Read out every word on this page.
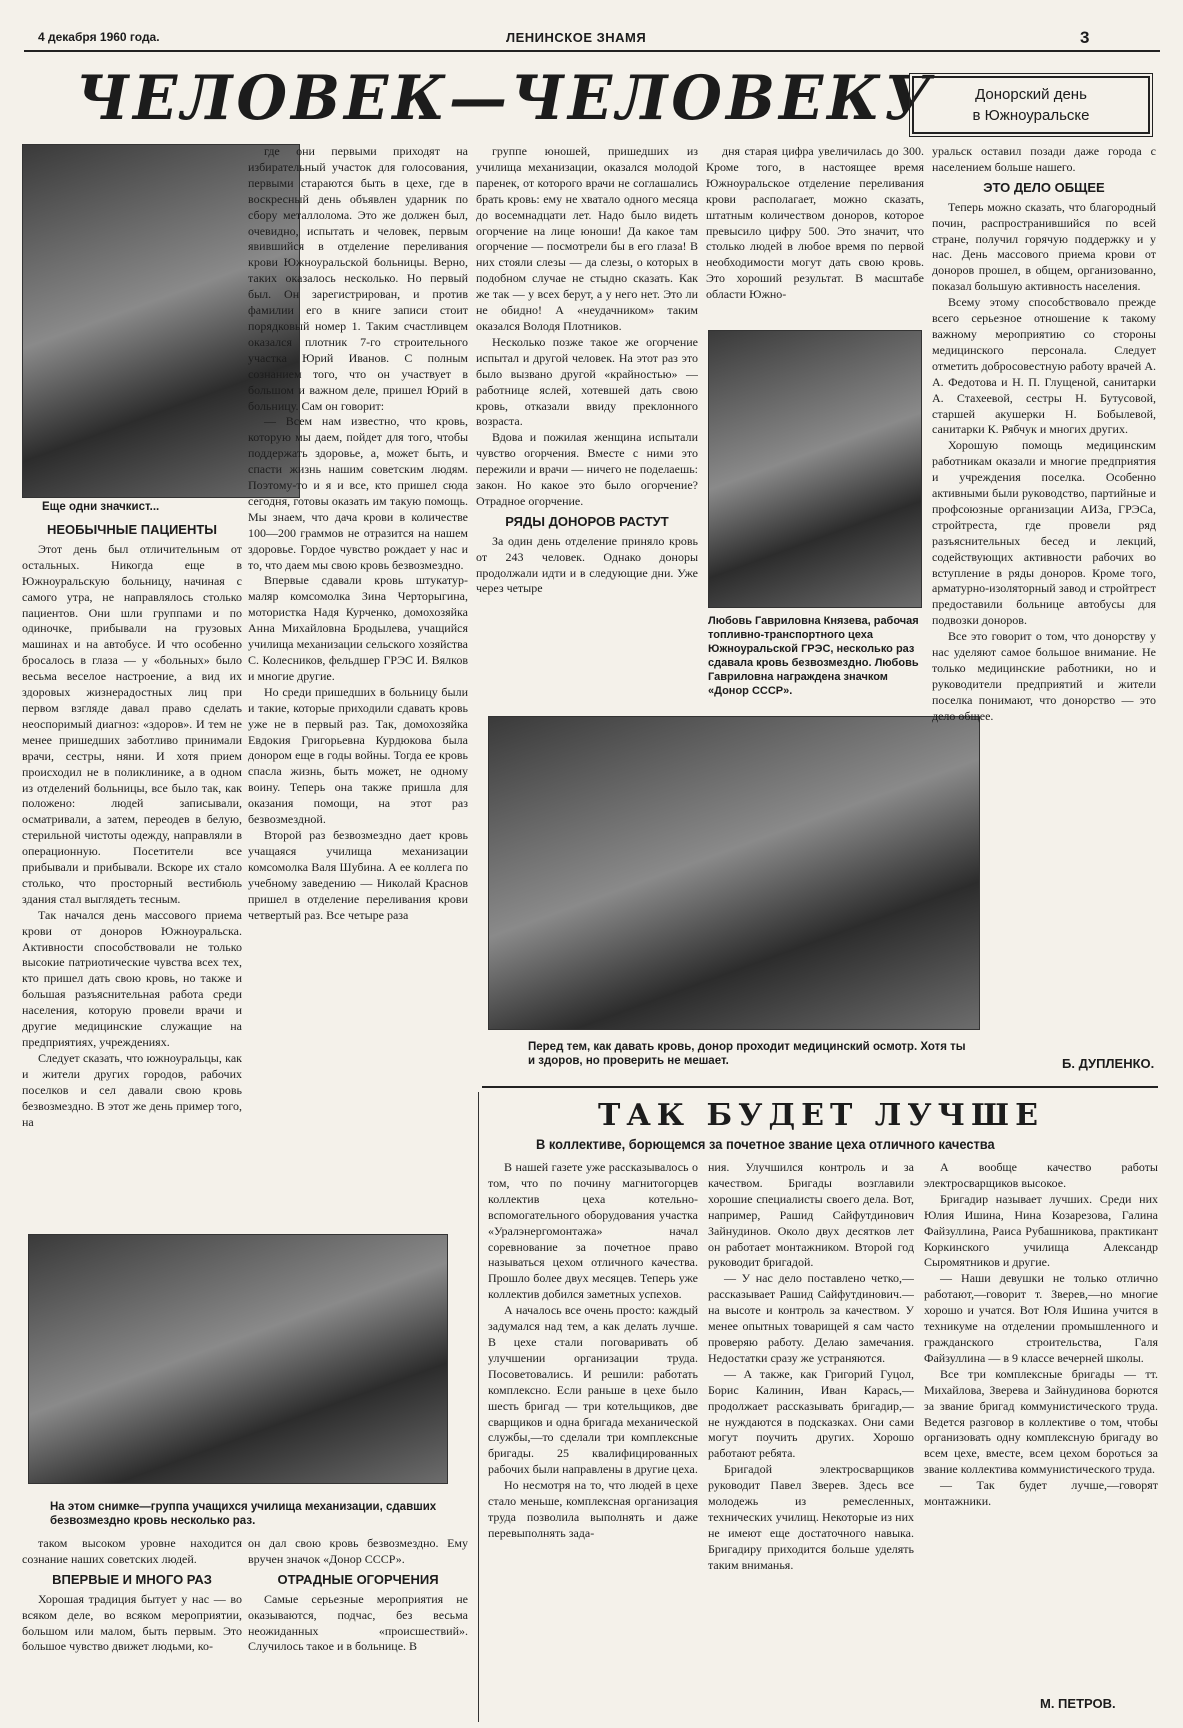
4 декабря 1960 года.	ЛЕНИНСКОЕ ЗНАМЯ	3
ЧЕЛОВЕК—ЧЕЛОВЕКУ	Донорский день
в Южноуральске
Еще одни значкист...
НЕОБЫЧНЫЕ ПАЦИЕНТЫ

Этот день был отличительным от остальных. Никогда еще в Южноуральскую больницу, начиная с самого утра, не направлялось столько пациентов. Они шли группами и по одиночке, прибывали на грузовых машинах и на автобусе. И что особенно бросалось в глаза — у «больных» было весьма веселое настроение, а вид их здоровых жизнерадостных лиц при первом взгляде давал право сделать неоспоримый диагноз: «здоров». И тем не менее пришедших заботливо принимали врачи, сестры, няни. И хотя прием происходил не в поликлинике, а в одном из отделений больницы, все было так, как положено: людей записывали, осматривали, а затем, переодев в белую, стерильной чистоты одежду, направляли в операционную. Посетители все прибывали и прибывали. Вскоре их стало столько, что просторный вестибюль здания стал выглядеть тесным.

Так начался день массового приема крови от доноров Южноуральска. Активности способствовали не только высокие патриотические чувства всех тех, кто пришел дать свою кровь, но также и большая разъяснительная работа среди населения, которую провели врачи и другие медицинские служащие на предприятиях, учреждениях.

Следует сказать, что южноуральцы, как и жители других городов, рабочих поселков и сел давали свою кровь безвозмездно. В этот же день пример того, на

где они первыми приходят на избирательный участок для голосования, первыми стараются быть в цехе, где в воскресный день объявлен ударник по сбору металлолома. Это же должен был, очевидно, испытать и человек, первым явившийся в отделение переливания крови Южноуральской больницы. Верно, таких оказалось несколько. Но первый был. Он зарегистрирован, и против фамилии его в книге записи стоит порядковый номер 1. Таким счастливцем оказался плотник 7-го строительного участка Юрий Иванов. С полным сознанием того, что он участвует в большом и важном деле, пришел Юрий в больницу. Сам он говорит:

— Всем нам известно, что кровь, которую мы даем, пойдет для того, чтобы поддержать здоровье, а, может быть, и спасти жизнь нашим советским людям. Поэтому-то и я и все, кто пришел сюда сегодня, готовы оказать им такую помощь. Мы знаем, что дача крови в количестве 100—200 граммов не отразится на нашем здоровье. Гордое чувство рождает у нас и то, что даем мы свою кровь безвозмездно.

Впервые сдавали кровь штукатур-маляр комсомолка Зина Черторыгина, мотористка Надя Курченко, домохозяйка Анна Михайловна Бродылева, учащийся училища механизации сельского хозяйства С. Колесников, фельдшер ГРЭС И. Вялков и многие другие.

Но среди пришедших в больницу были и такие, которые приходили сдавать кровь уже не в первый раз. Так, домохозяйка Евдокия Григорьевна Курдюкова была донором еще в годы войны. Тогда ее кровь спасла жизнь, быть может, не одному воину. Теперь она также пришла для оказания помощи, на этот раз безвозмездной.

Второй раз безвозмездно дает кровь учащаяся училища механизации комсомолка Валя Шубина. А ее коллега по учебному заведению — Николай Краснов пришел в отделение переливания крови четвертый раз. Все четыре раза

группе юношей, пришедших из училища механизации, оказался молодой паренек, от которого врачи не соглашались брать кровь: ему не хватало одного месяца до восемнадцати лет. Надо было видеть огорчение на лице юноши! Да какое там огорчение — посмотрели бы в его глаза! В них стояли слезы — да слезы, о которых в подобном случае не стыдно сказать. Как же так — у всех берут, а у него нет. Это ли не обидно! А «неудачником» таким оказался Володя Плотников.

Несколько позже такое же огорчение испытал и другой человек. На этот раз это было вызвано другой «крайностью» — работнице яслей, хотевшей дать свою кровь, отказали ввиду преклонного возраста.

Вдова и пожилая женщина испытали чувство огорчения. Вместе с ними это пережили и врачи — ничего не поделаешь: закон. Но какое это было огорчение? Отрадное огорчение.

РЯДЫ ДОНОРОВ РАСТУТ

За один день отделение приняло кровь от 243 человек. Однако доноры продолжали идти и в следующие дни. Уже через четыре

дня старая цифра увеличилась до 300. Кроме того, в настоящее время Южноуральское отделение переливания крови располагает, можно сказать, штатным количеством доноров, которое превысило цифру 500. Это значит, что столько людей в любое время по первой необходимости могут дать свою кровь. Это хороший результат. В масштабе области Южно-

Любовь Гавриловна Князева, рабочая топливно-транспортного цеха Южноуральской ГРЭС, несколько раз сдавала кровь безвозмездно. Любовь Гавриловна награждена значком «Донор СССР».
Перед тем, как давать кровь, донор проходит медицинский осмотр. Хотя ты и здоров, но проверить не мешает.

уральск оставил позади даже города с населением больше нашего.

ЭТО ДЕЛО ОБЩЕЕ

Теперь можно сказать, что благородный почин, распространившийся по всей стране, получил горячую поддержку и у нас. День массового приема крови от доноров прошел, в общем, организованно, показал большую активность населения.

Всему этому способствовало прежде всего серьезное отношение к такому важному мероприятию со стороны медицинского персонала. Следует отметить добросовестную работу врачей А. А. Федотова и Н. П. Глущеной, санитарки А. Стахеевой, сестры Н. Бутусовой, старшей акушерки Н. Бобылевой, санитарки К. Рябчук и многих других.

Хорошую помощь медицинским работникам оказали и многие предприятия и учреждения поселка. Особенно активными были руководство, партийные и профсоюзные организации АИЗа, ГРЭСа, стройтреста, где провели ряд разъяснительных бесед и лекций, содействующих активности рабочих во вступление в ряды доноров. Кроме того, арматурно-изоляторный завод и стройтрест предоставили больнице автобусы для подвозки доноров.

Все это говорит о том, что донорству у нас уделяют самое большое внимание. Не только медицинские работники, но и руководители предприятий и жители поселка понимают, что донорство — это дело общее.

Б. ДУПЛЕНКО.
На этом снимке—группа учащихся училища механизации, сдавших безвозмездно кровь несколько раз.

таком высоком уровне находится сознание наших советских людей.

ВПЕРВЫЕ И МНОГО РАЗ

Хорошая традиция бытует у нас — во всяком деле, во всяком мероприятии, большом или малом, быть первым. Это большое чувство движет людьми, ко-

он дал свою кровь безвозмездно. Ему вручен значок «Донор СССР».

ОТРАДНЫЕ ОГОРЧЕНИЯ

Самые серьезные мероприятия не оказываются, подчас, без весьма неожиданных «происшествий». Случилось такое и в больнице. В

ТАК БУДЕТ ЛУЧШЕ
В коллективе, борющемся за почетное звание цеха отличного качества

В нашей газете уже рассказывалось о том, что по почину магнитогорцев коллектив цеха котельно-вспомогательного оборудования участка «Уралэнергомонтажа» начал соревнование за почетное право называться цехом отличного качества. Прошло более двух месяцев. Теперь уже коллектив добился заметных успехов.

А началось все очень просто: каждый задумался над тем, а как делать лучше. В цехе стали поговаривать об улучшении организации труда. Посоветовались. И решили: работать комплексно. Если раньше в цехе было шесть бригад — три котельщиков, две сварщиков и одна бригада механической службы,—то сделали три комплексные бригады. 25 квалифицированных рабочих были направлены в другие цеха.

Но несмотря на то, что людей в цехе стало меньше, комплексная организация труда позволила выполнять и даже перевыполнять зада-

ния. Улучшился контроль и за качеством. Бригады возглавили хорошие специалисты своего дела. Вот, например, Рашид Сайфутдинович Зайнудинов. Около двух десятков лет он работает монтажником. Второй год руководит бригадой.

— У нас дело поставлено четко,—рассказывает Рашид Сайфутдинович.—на высоте и контроль за качеством. У менее опытных товарищей я сам часто проверяю работу. Делаю замечания. Недостатки сразу же устраняются.

— А также, как Григорий Гуцол, Борис Калинин, Иван Карась,— продолжает рассказывать бригадир,—не нуждаются в подсказках. Они сами могут поучить других. Хорошо работают ребята.

Бригадой электросварщиков руководит Павел Зверев. Здесь все молодежь из ремесленных, технических училищ. Некоторые из них не имеют еще достаточного навыка. Бригадиру приходится больше уделять таким вниманья.

А вообще качество работы электросварщиков высокое.

Бригадир называет лучших. Среди них Юлия Ишина, Нина Козарезова, Галина Файзуллина, Раиса Рубашникова, практикант Коркинского училища Александр Сыромятников и другие.

— Наши девушки не только отлично работают,—говорит т. Зверев,—но многие хорошо и учатся. Вот Юля Ишина учится в техникуме на отделении промышленного и гражданского строительства, Галя Файзуллина — в 9 классе вечерней школы.

Все три комплексные бригады — тт. Михайлова, Зверева и Зайнудинова борются за звание бригад коммунистического труда. Ведется разговор в коллективе о том, чтобы организовать одну комплексную бригаду во всем цехе, вместе, всем цехом бороться за звание коллектива коммунистического труда.

— Так будет лучше,—говорят монтажники.

М. ПЕТРОВ.
